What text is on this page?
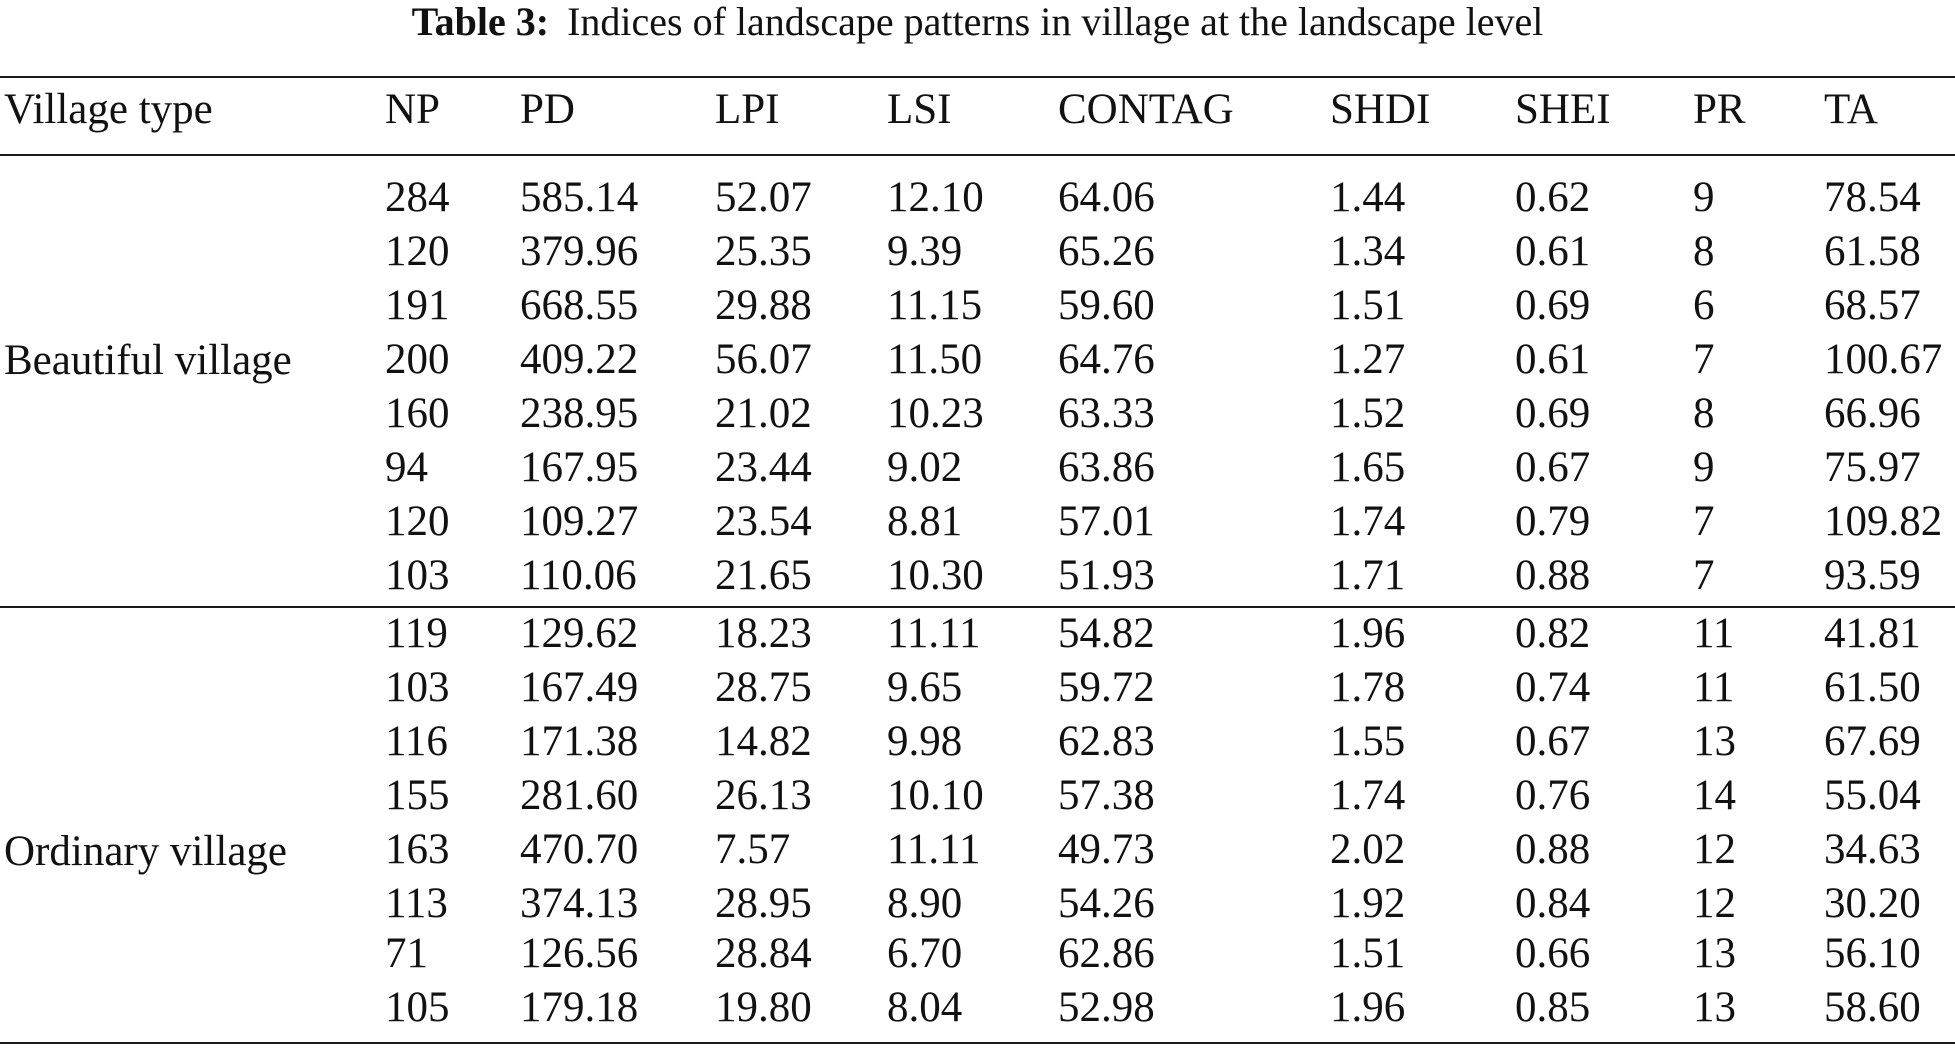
Table 3: Indices of landscape patterns in village at the landscape level
Village type	NP PD	LPI	LSI CONTAG SHDI SHEI PR TA
Beautiful village
284 585.14 52.07 12.10 64.06	1.44	0.62 9	78.54
120 379.96 25.35 9.39 65.26	1.34	0.61 8	61.58
191 668.55 29.88 11.15 59.60	1.51	0.69 6	68.57
200 409.22 56.07 11.50 64.76	1.27	0.61 7	100.67
160 238.95 21.02 10.23 63.33	1.52	0.69 8	66.96
94 167.95 23.44 9.02 63.86	1.65	0.67 9	75.97
120 109.27 23.54 8.81 57.01	1.74	0.79 7	109.82
103 110.06 21.65 10.30 51.93	1.71	0.88 7	93.59
Ordinary village
119 129.62 18.23 11.11 54.82	1.96	0.82 11 41.81
103 167.49 28.75 9.65 59.72	1.78	0.74 11 61.50
116 171.38 14.82 9.98 62.83	1.55	0.67 13 67.69
155 281.60 26.13 10.10 57.38	1.74	0.76 14 55.04
163 470.70 7.57 11.11 49.73	2.02	0.88 12 34.63
113 374.13 28.95 8.90 54.26	1.92	0.84 12 30.20
71 126.56 28.84 6.70 62.86	1.51	0.66 13 56.10
105 179.18 19.80 8.04 52.98	1.96	0.85 13 58.60
